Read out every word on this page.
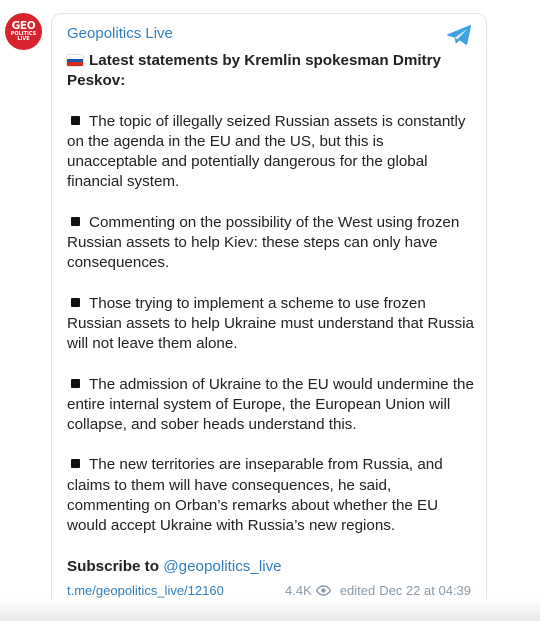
GEO
POLITICS
LIVE Geopolitics Live

Latest statements by Kremlin spokesman Dmitry Peskov:

The topic of illegally seized Russian assets is constantly on the agenda in the EU and the US, but this is unacceptable and potentially dangerous for the global financial system.

Commenting on the possibility of the West using frozen Russian assets to help Kiev: these steps can only have consequences.

Those trying to implement a scheme to use frozen Russian assets to help Ukraine must understand that Russia will not leave them alone.

The admission of Ukraine to the EU would undermine the entire internal system of Europe, the European Union will collapse, and sober heads understand this.

The new territories are inseparable from Russia, and claims to them will have consequences, he said, commenting on Orban’s remarks about whether the EU would accept Ukraine with Russia’s new regions.

Subscribe to @geopolitics_live

t.me/geopolitics_live/12160	4.4K edited Dec 22 at 04:39
